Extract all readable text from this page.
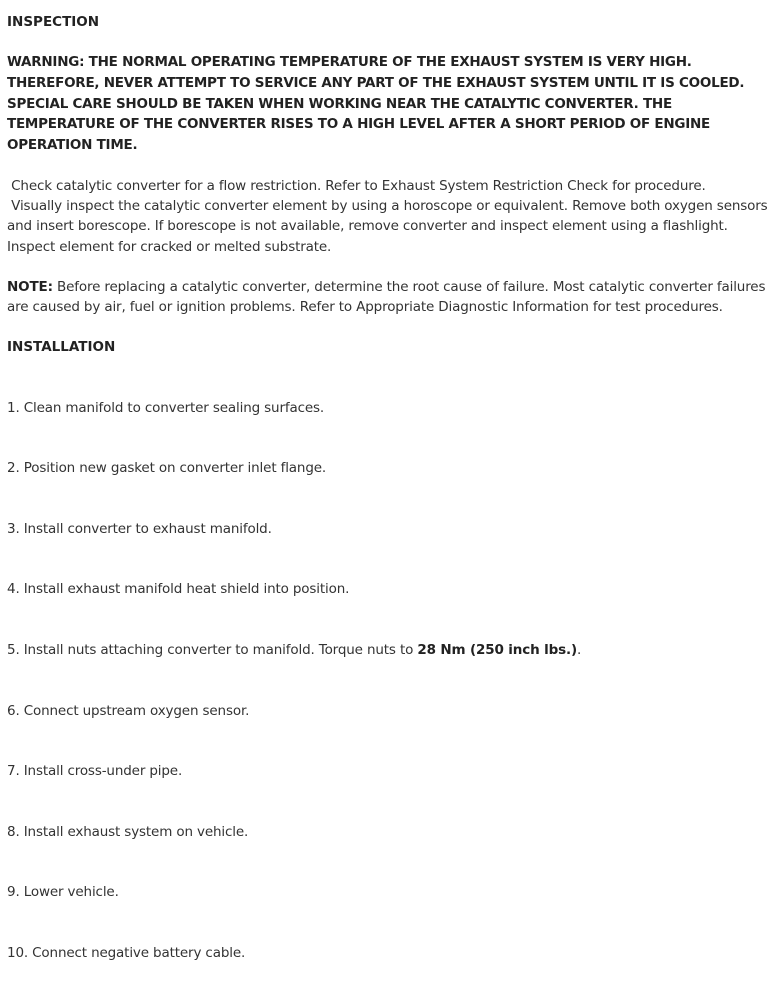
INSPECTION
WARNING: THE NORMAL OPERATING TEMPERATURE OF THE EXHAUST SYSTEM IS VERY HIGH. THEREFORE, NEVER ATTEMPT TO SERVICE ANY PART OF THE EXHAUST SYSTEM UNTIL IT IS COOLED. SPECIAL CARE SHOULD BE TAKEN WHEN WORKING NEAR THE CATALYTIC CONVERTER. THE TEMPERATURE OF THE CONVERTER RISES TO A HIGH LEVEL AFTER A SHORT PERIOD OF ENGINE OPERATION TIME.
Check catalytic converter for a flow restriction. Refer to Exhaust System Restriction Check for procedure.
Visually inspect the catalytic converter element by using a horoscope or equivalent. Remove both oxygen sensors and insert borescope. If borescope is not available, remove converter and inspect element using a flashlight. Inspect element for cracked or melted substrate.
NOTE: Before replacing a catalytic converter, determine the root cause of failure. Most catalytic converter failures are caused by air, fuel or ignition problems. Refer to Appropriate Diagnostic Information for test procedures.
INSTALLATION

1. Clean manifold to converter sealing surfaces.

2. Position new gasket on converter inlet flange.

3. Install converter to exhaust manifold.

4. Install exhaust manifold heat shield into position.

5. Install nuts attaching converter to manifold. Torque nuts to 28 Nm (250 inch lbs.).

6. Connect upstream oxygen sensor.

7. Install cross-under pipe.

8. Install exhaust system on vehicle.

9. Lower vehicle.

10. Connect negative battery cable.
